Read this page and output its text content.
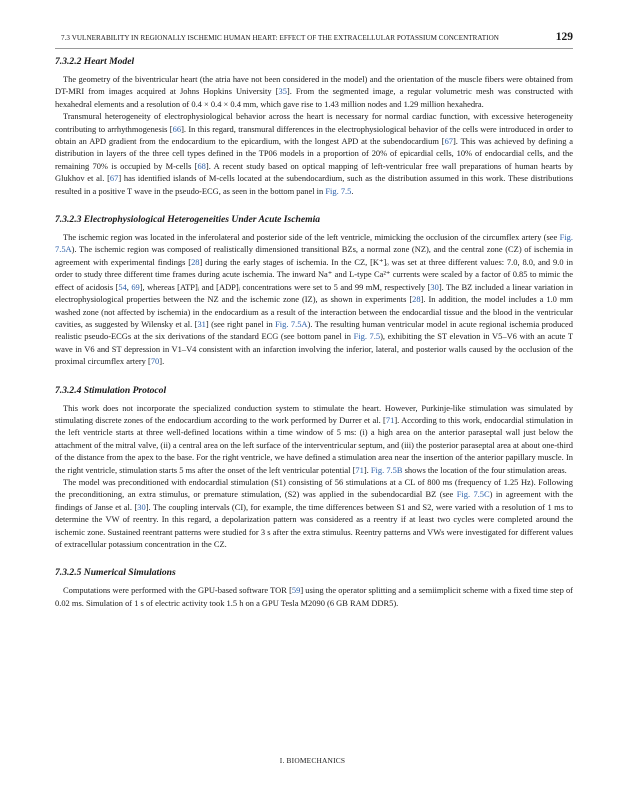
7.3 VULNERABILITY IN REGIONALLY ISCHEMIC HUMAN HEART: EFFECT OF THE EXTRACELLULAR POTASSIUM CONCENTRATION	129
7.3.2.2 Heart Model

The geometry of the biventricular heart (the atria have not been considered in the model) and the orientation of the muscle fibers were obtained from DT-MRI from images acquired at Johns Hopkins University [35]. From the segmented image, a regular volumetric mesh was constructed with hexahedral elements and a resolution of 0.4 × 0.4 × 0.4 mm, which gave rise to 1.43 million nodes and 1.29 million hexahedra.

Transmural heterogeneity of electrophysiological behavior across the heart is necessary for normal cardiac function, with excessive heterogeneity contributing to arrhythmogenesis [66]. In this regard, transmural differences in the electrophysiological behavior of the cells were introduced in order to obtain an APD gradient from the endocardium to the epicardium, with the longest APD at the subendocardium [67]. This was achieved by defining a distribution in layers of the three cell types defined in the TP06 models in a proportion of 20% of epicardial cells, 10% of endocardial cells, and the remaining 70% is occupied by M-cells [68]. A recent study based on optical mapping of left-ventricular free wall preparations of human hearts by Glukhov et al. [67] has identified islands of M-cells located at the subendocardium, such as the distribution assumed in this work. These distributions resulted in a positive T wave in the pseudo-ECG, as seen in the bottom panel in Fig. 7.5.

7.3.2.3 Electrophysiological Heterogeneities Under Acute Ischemia

The ischemic region was located in the inferolateral and posterior side of the left ventricle, mimicking the occlusion of the circumflex artery (see Fig. 7.5A). The ischemic region was composed of realistically dimensioned transitional BZs, a normal zone (NZ), and the central zone (CZ) of ischemia in agreement with experimental findings [28] during the early stages of ischemia. In the CZ, [K⁺]ₒ was set at three different values: 7.0, 8.0, and 9.0 in order to study three different time frames during acute ischemia. The inward Na⁺ and L-type Ca²⁺ currents were scaled by a factor of 0.85 to mimic the effect of acidosis [54, 69], whereas [ATP]ᵢ and [ADP]ᵢ concentrations were set to 5 and 99 mM, respectively [30]. The BZ included a linear variation in electrophysiological properties between the NZ and the ischemic zone (IZ), as shown in experiments [28]. In addition, the model includes a 1.0 mm washed zone (not affected by ischemia) in the endocardium as a result of the interaction between the endocardial tissue and the blood in the ventricular cavities, as suggested by Wilensky et al. [31] (see right panel in Fig. 7.5A). The resulting human ventricular model in acute regional ischemia produced realistic pseudo-ECGs at the six derivations of the standard ECG (see bottom panel in Fig. 7.5), exhibiting the ST elevation in V5–V6 with an acute T wave in V6 and ST depression in V1–V4 consistent with an infarction involving the inferior, lateral, and posterior walls caused by the occlusion of the proximal circumflex artery [70].

7.3.2.4 Stimulation Protocol

This work does not incorporate the specialized conduction system to stimulate the heart. However, Purkinje-like stimulation was simulated by stimulating discrete zones of the endocardium according to the work performed by Durrer et al. [71]. According to this work, endocardial stimulation in the left ventricle starts at three well-defined locations within a time window of 5 ms: (i) a high area on the anterior paraseptal wall just below the attachment of the mitral valve, (ii) a central area on the left surface of the interventricular septum, and (iii) the posterior paraseptal area at about one-third of the distance from the apex to the base. For the right ventricle, we have defined a stimulation area near the insertion of the anterior papillary muscle. In the right ventricle, stimulation starts 5 ms after the onset of the left ventricular potential [71]. Fig. 7.5B shows the location of the four stimulation areas.

The model was preconditioned with endocardial stimulation (S1) consisting of 56 stimulations at a CL of 800 ms (frequency of 1.25 Hz). Following the preconditioning, an extra stimulus, or premature stimulation, (S2) was applied in the subendocardial BZ (see Fig. 7.5C) in agreement with the findings of Janse et al. [30]. The coupling intervals (CI), for example, the time differences between S1 and S2, were varied with a resolution of 1 ms to determine the VW of reentry. In this regard, a depolarization pattern was considered as a reentry if at least two cycles were completed around the ischemic zone. Sustained reentrant patterns were studied for 3 s after the extra stimulus. Reentry patterns and VWs were investigated for different values of extracellular potassium concentration in the CZ.

7.3.2.5 Numerical Simulations

Computations were performed with the GPU-based software TOR [59] using the operator splitting and a semiimplicit scheme with a fixed time step of 0.02 ms. Simulation of 1 s of electric activity took 1.5 h on a GPU Tesla M2090 (6 GB RAM DDR5).

I. BIOMECHANICS
